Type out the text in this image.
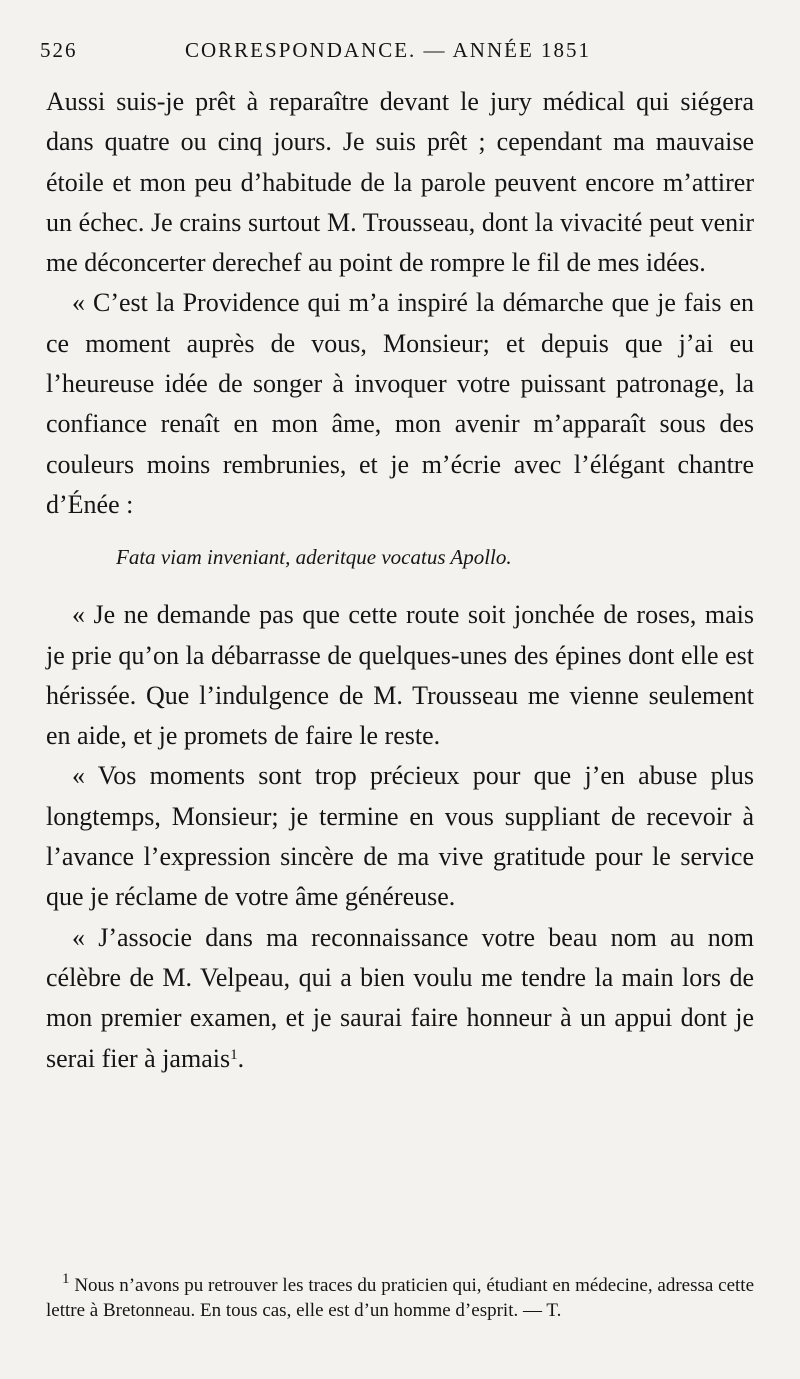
526	CORRESPONDANCE. — ANNÉE 1851

Aussi suis-je prêt à reparaître devant le jury médical qui siégera dans quatre ou cinq jours. Je suis prêt ; cependant ma mauvaise étoile et mon peu d’habitude de la parole peuvent encore m’attirer un échec. Je crains surtout M. Trousseau, dont la vivacité peut venir me déconcerter derechef au point de rompre le fil de mes idées.

« C’est la Providence qui m’a inspiré la démarche que je fais en ce moment auprès de vous, Monsieur; et depuis que j’ai eu l’heureuse idée de songer à invoquer votre puissant patronage, la confiance renaît en mon âme, mon avenir m’apparaît sous des couleurs moins rembrunies, et je m’écrie avec l’élégant chantre d’Énée :

Fata viam inveniant, aderitque vocatus Apollo.

« Je ne demande pas que cette route soit jonchée de roses, mais je prie qu’on la débarrasse de quelques-unes des épines dont elle est hérissée. Que l’indulgence de M. Trousseau me vienne seulement en aide, et je promets de faire le reste.

« Vos moments sont trop précieux pour que j’en abuse plus longtemps, Monsieur; je termine en vous suppliant de recevoir à l’avance l’expression sincère de ma vive gratitude pour le service que je réclame de votre âme généreuse.

« J’associe dans ma reconnaissance votre beau nom au nom célèbre de M. Velpeau, qui a bien voulu me tendre la main lors de mon premier examen, et je saurai faire honneur à un appui dont je serai fier à jamais$^1$.

$^1$ Nous n’avons pu retrouver les traces du praticien qui, étudiant en médecine, adressa cette lettre à Bretonneau. En tous cas, elle est d’un homme d’esprit. — T.
